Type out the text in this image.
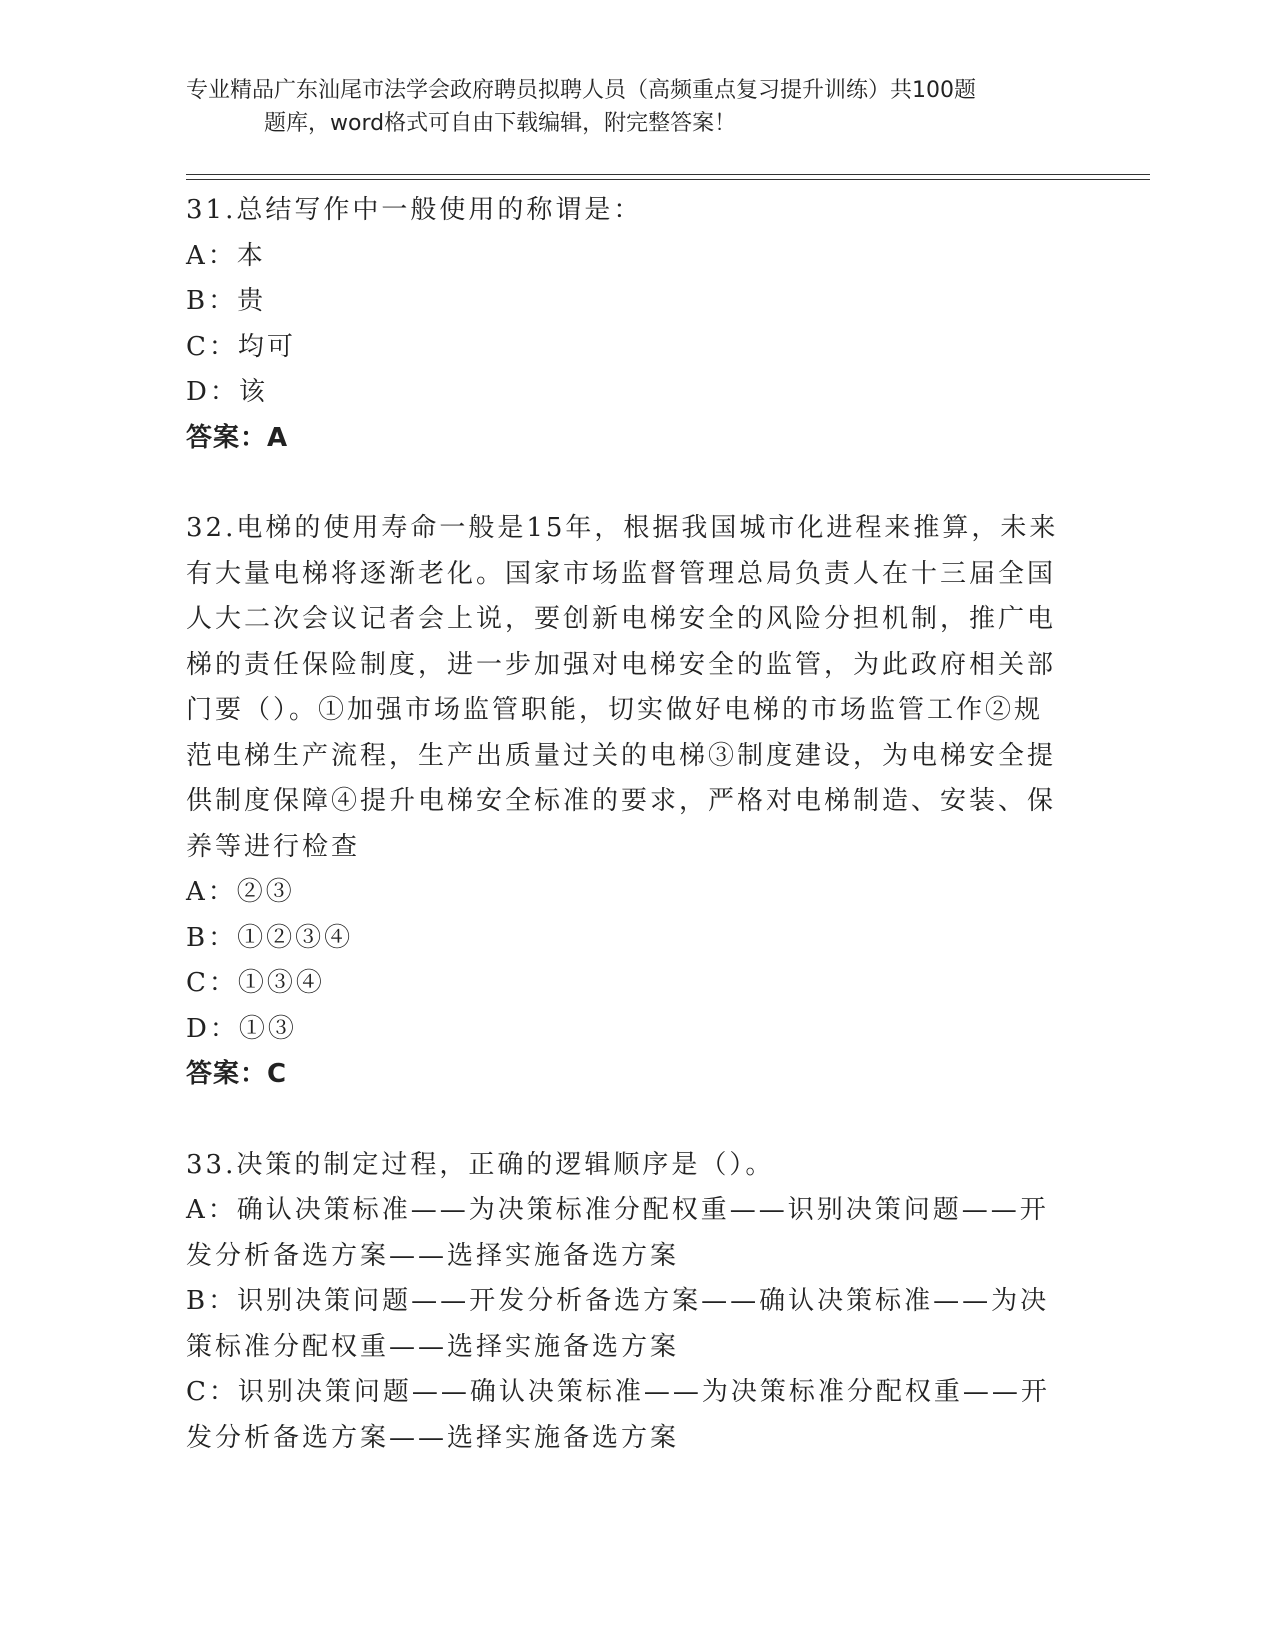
专业精品广东汕尾市法学会政府聘员拟聘人员（高频重点复习提升训练）共100题
题库，word格式可自由下载编辑，附完整答案！

31.总结写作中一般使用的称谓是：

A：本

B：贵

C：均可

D：该

答案：A

32.电梯的使用寿命一般是15年，根据我国城市化进程来推算，未来有大量电梯将逐渐老化。国家市场监督管理总局负责人在十三届全国人大二次会议记者会上说，要创新电梯安全的风险分担机制，推广电梯的责任保险制度，进一步加强对电梯安全的监管，为此政府相关部门要（）。①加强市场监管职能，切实做好电梯的市场监管工作②规范电梯生产流程，生产出质量过关的电梯③制度建设，为电梯安全提供制度保障④提升电梯安全标准的要求，严格对电梯制造、安装、保养等进行检查

A：②③

B：①②③④

C：①③④

D：①③

答案：C

33.决策的制定过程，正确的逻辑顺序是（）。

A：确认决策标准——为决策标准分配权重——识别决策问题——开发分析备选方案——选择实施备选方案

B：识别决策问题——开发分析备选方案——确认决策标准——为决策标准分配权重——选择实施备选方案

C：识别决策问题——确认决策标准——为决策标准分配权重——开发分析备选方案——选择实施备选方案
